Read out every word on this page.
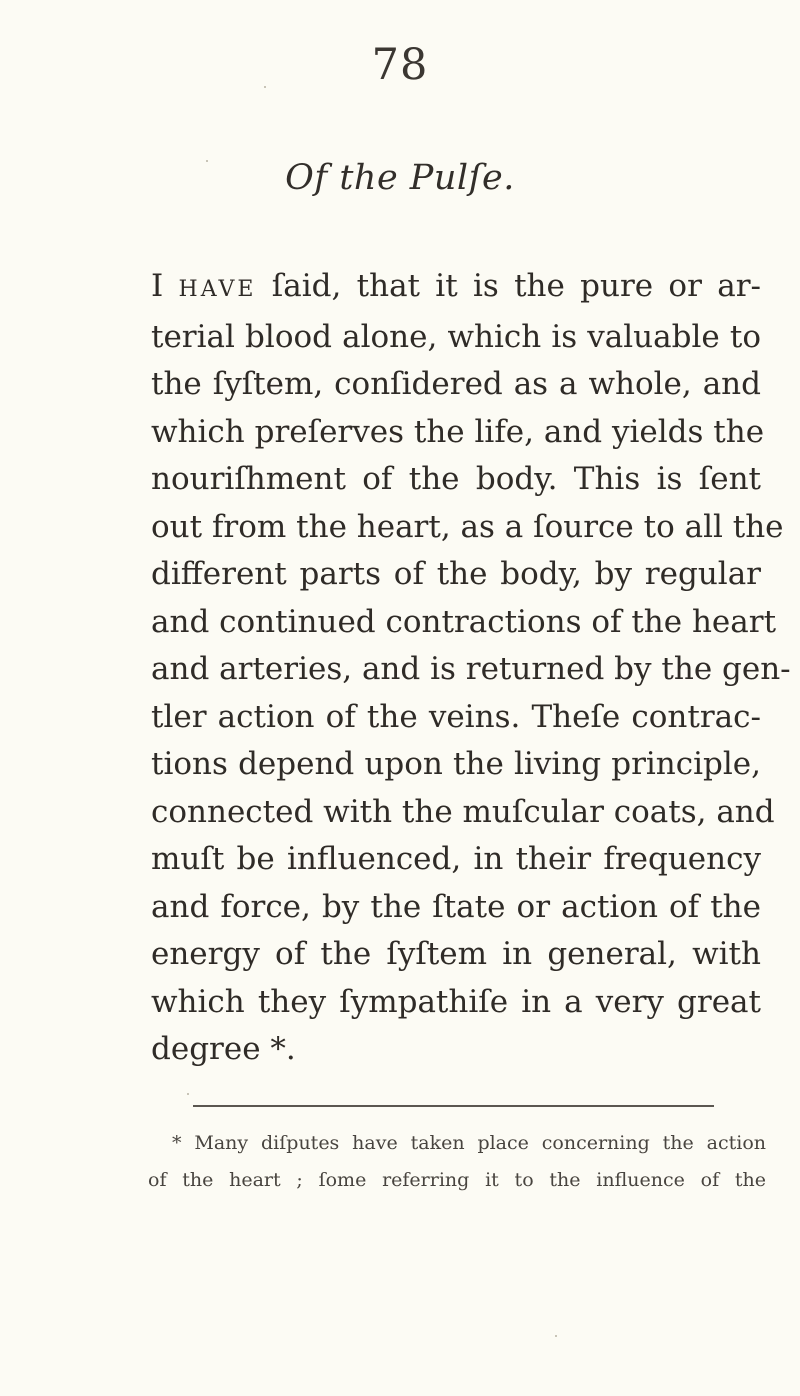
78
Of the Pulſe.
I HAVE ſaid, that it is the pure or ar-
terial blood alone, which is valuable to
the ſyſtem, conſidered as a whole, and
which preſerves the life, and yields the
nouriſhment of the body. This is ſent
out from the heart, as a ſource to all the
different parts of the body, by regular
and continued contractions of the heart
and arteries, and is returned by the gen-
tler action of the veins. Theſe contrac-
tions depend upon the living principle,
connected with the muſcular coats, and
muſt be influenced, in their frequency
and force, by the ſtate or action of the
energy of the ſyſtem in general, with
which they ſympathiſe in a very great
degree *.
* Many diſputes have taken place concerning the action
of the heart ; ſome referring it to the influence of the
